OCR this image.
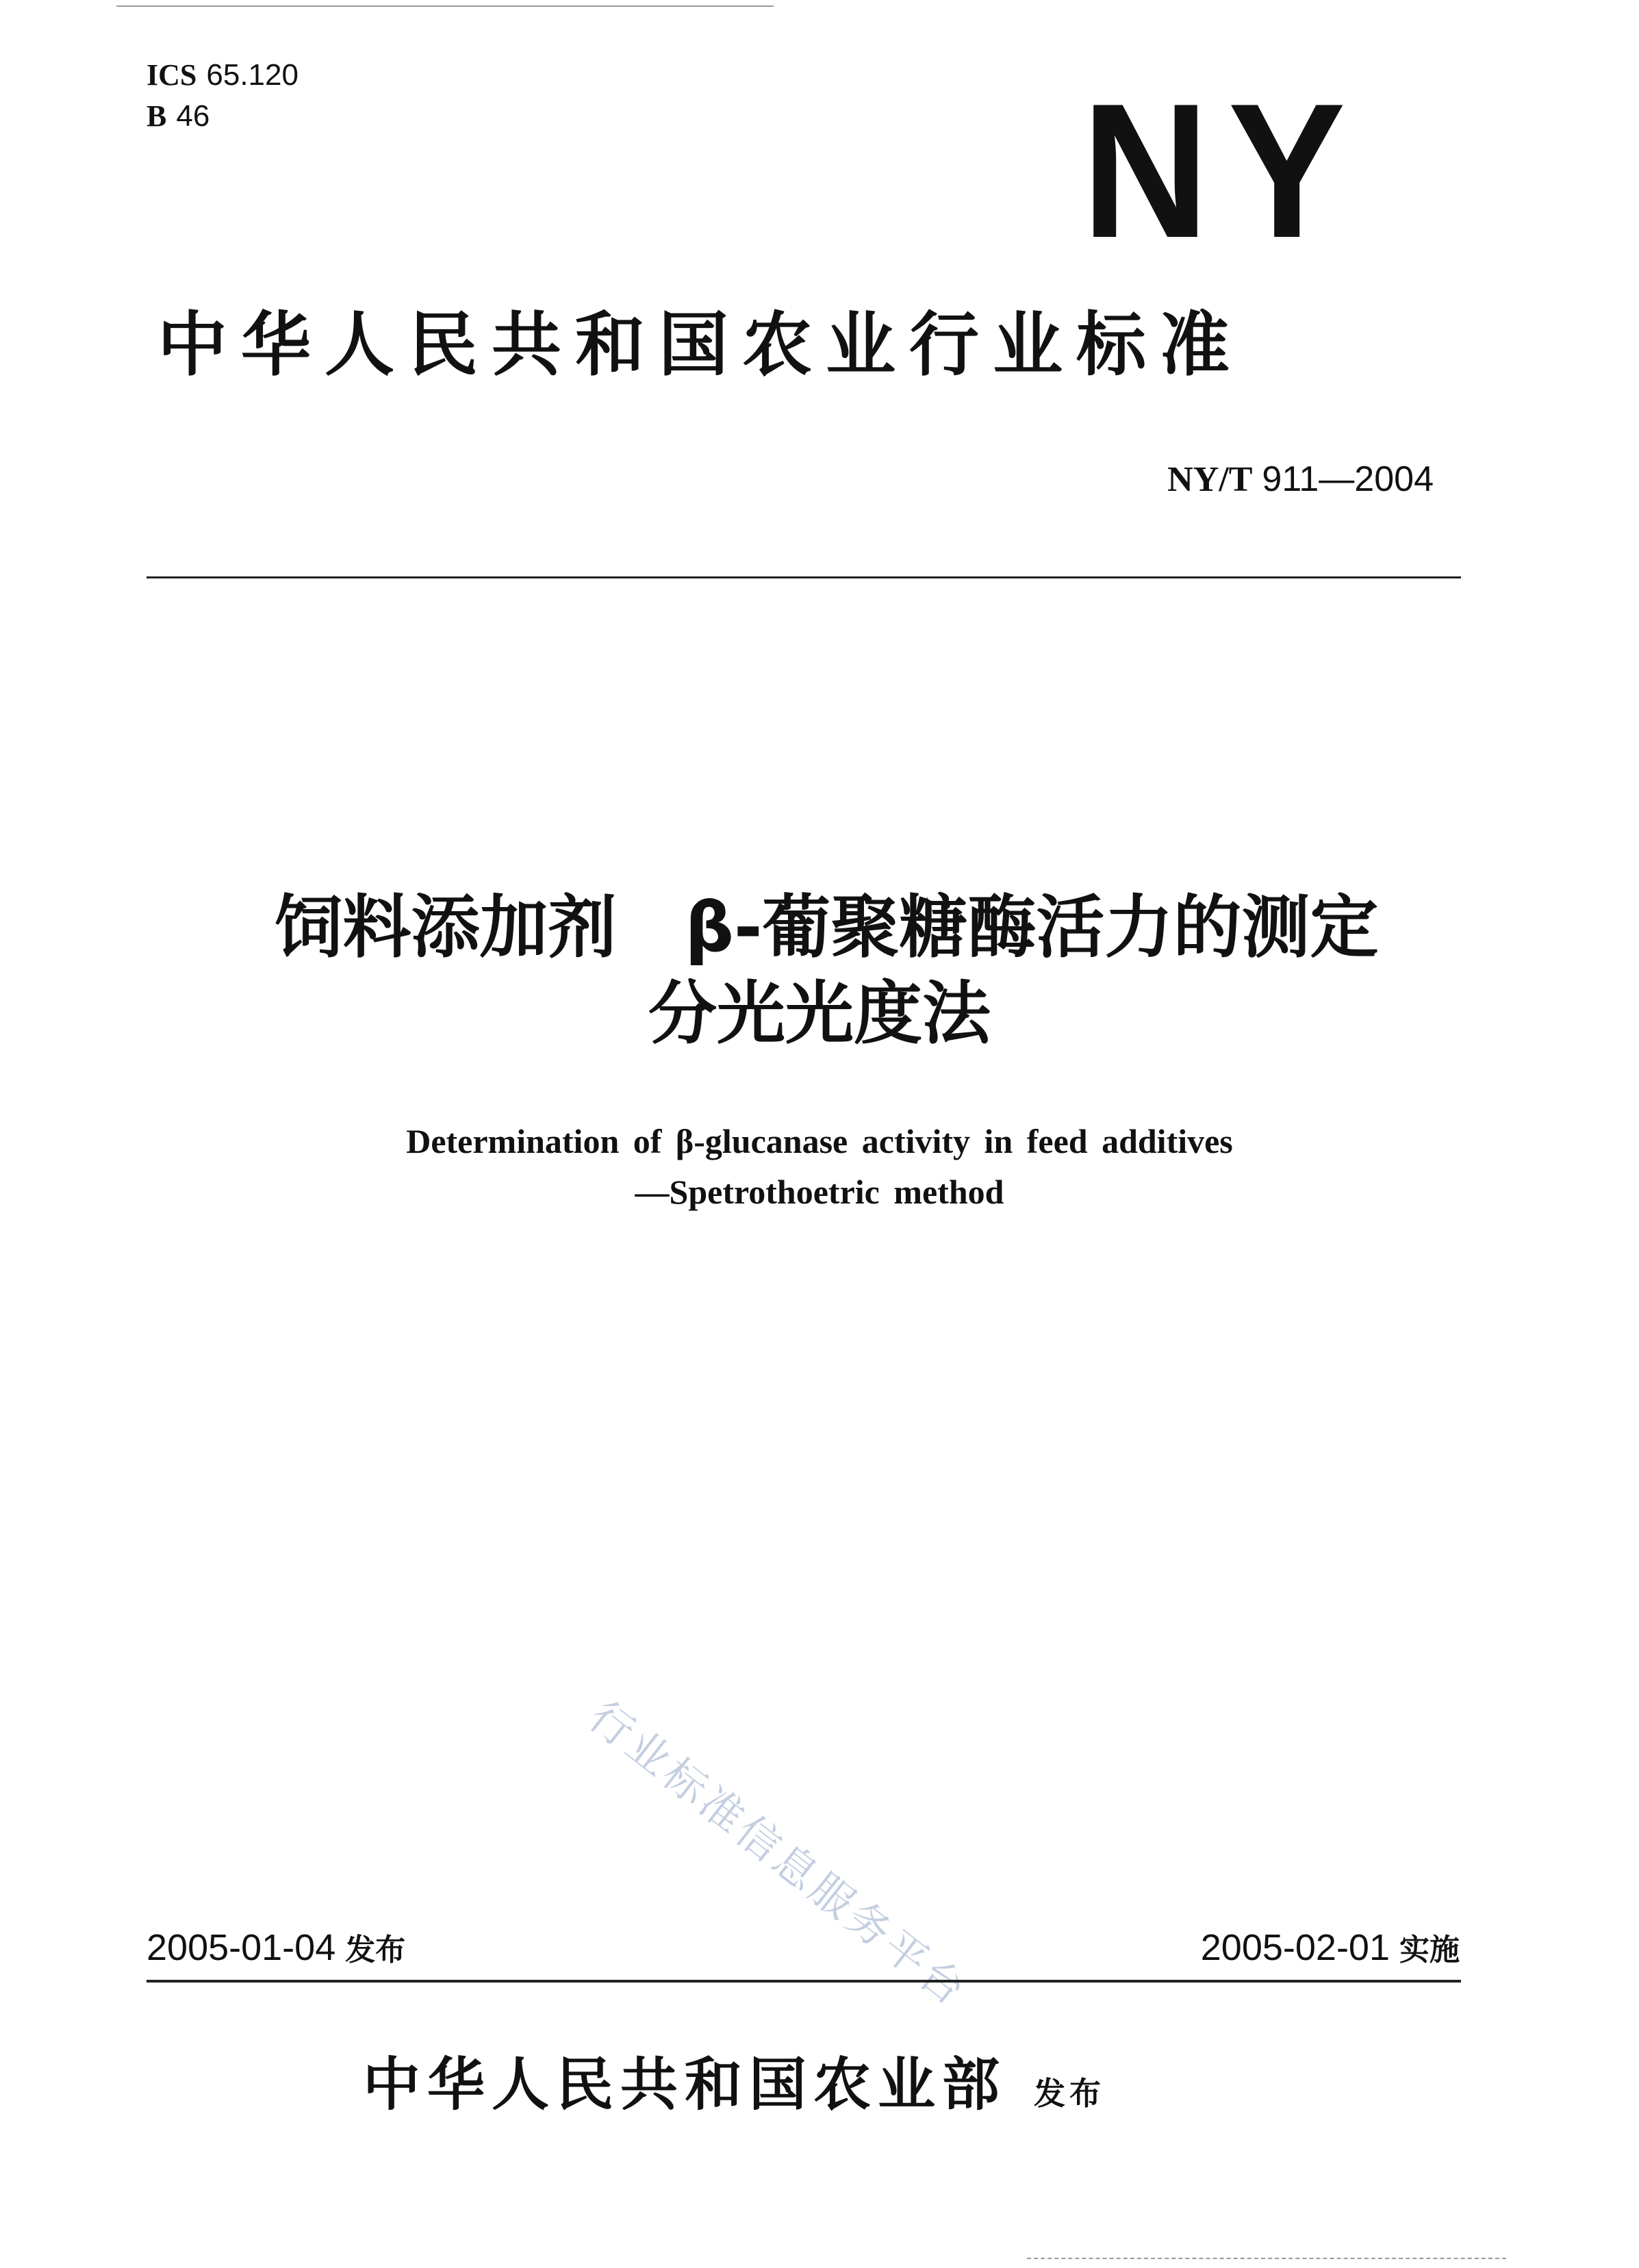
ICS 65.120
B 46	NY
中华人民共和国农业行业标准
NY/T 911—2004
饲料添加剂　β-葡聚糖酶活力的测定
分光光度法
Determination of β-glucanase activity in feed additives
—Spetrothoetric method
行业标准信息服务平台
2005-01-04 发布	2005-02-01 实施
中华人民共和国农业部 发布
